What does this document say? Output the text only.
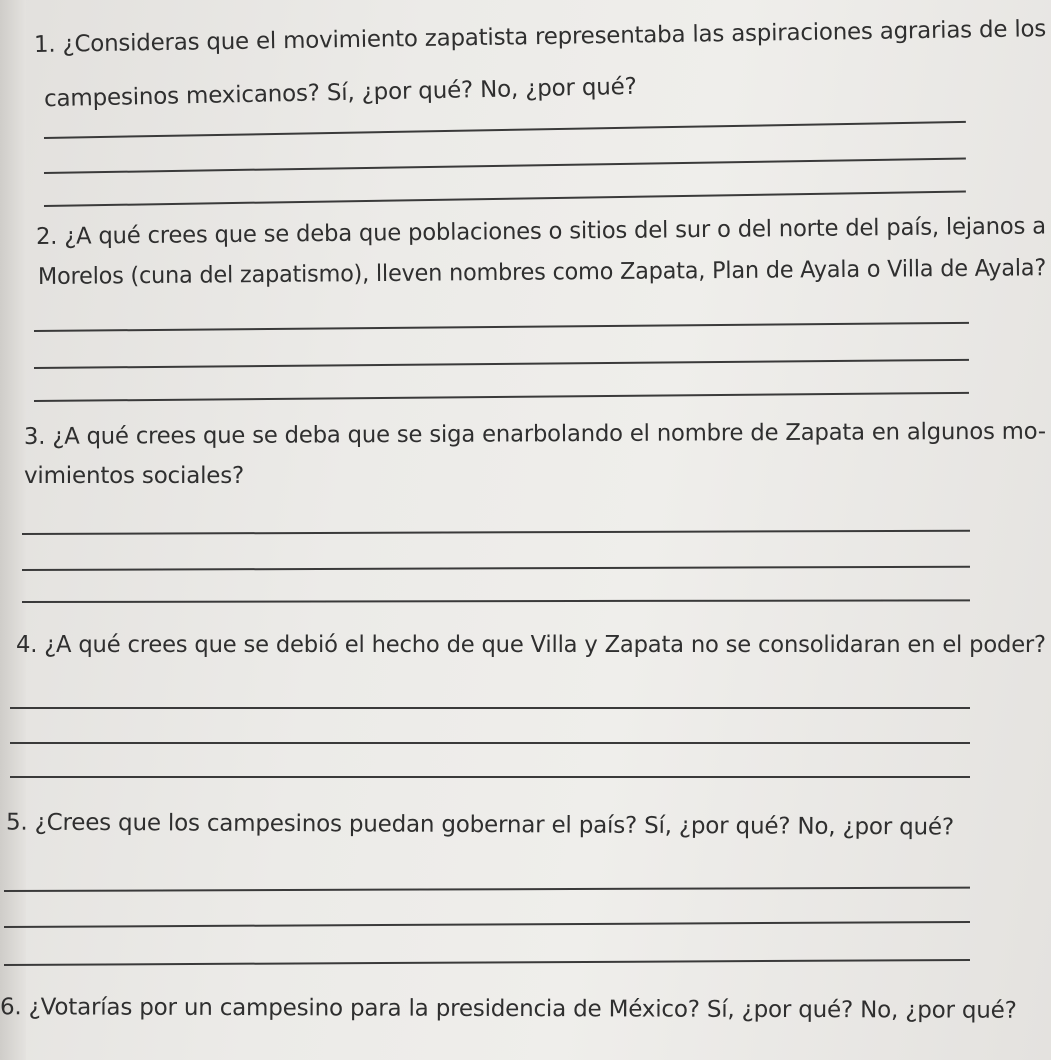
1. ¿Consideras que el movimiento zapatista representaba las aspiraciones agrarias de los
campesinos mexicanos? Sí, ¿por qué? No, ¿por qué?
2. ¿A qué crees que se deba que poblaciones o sitios del sur o del norte del país, lejanos a
Morelos (cuna del zapatismo), lleven nombres como Zapata, Plan de Ayala o Villa de Ayala?
3. ¿A qué crees que se deba que se siga enarbolando el nombre de Zapata en algunos mo-
vimientos sociales?
4. ¿A qué crees que se debió el hecho de que Villa y Zapata no se consolidaran en el poder?
5. ¿Crees que los campesinos puedan gobernar el país? Sí, ¿por qué? No, ¿por qué?
6. ¿Votarías por un campesino para la presidencia de México? Sí, ¿por qué? No, ¿por qué?
